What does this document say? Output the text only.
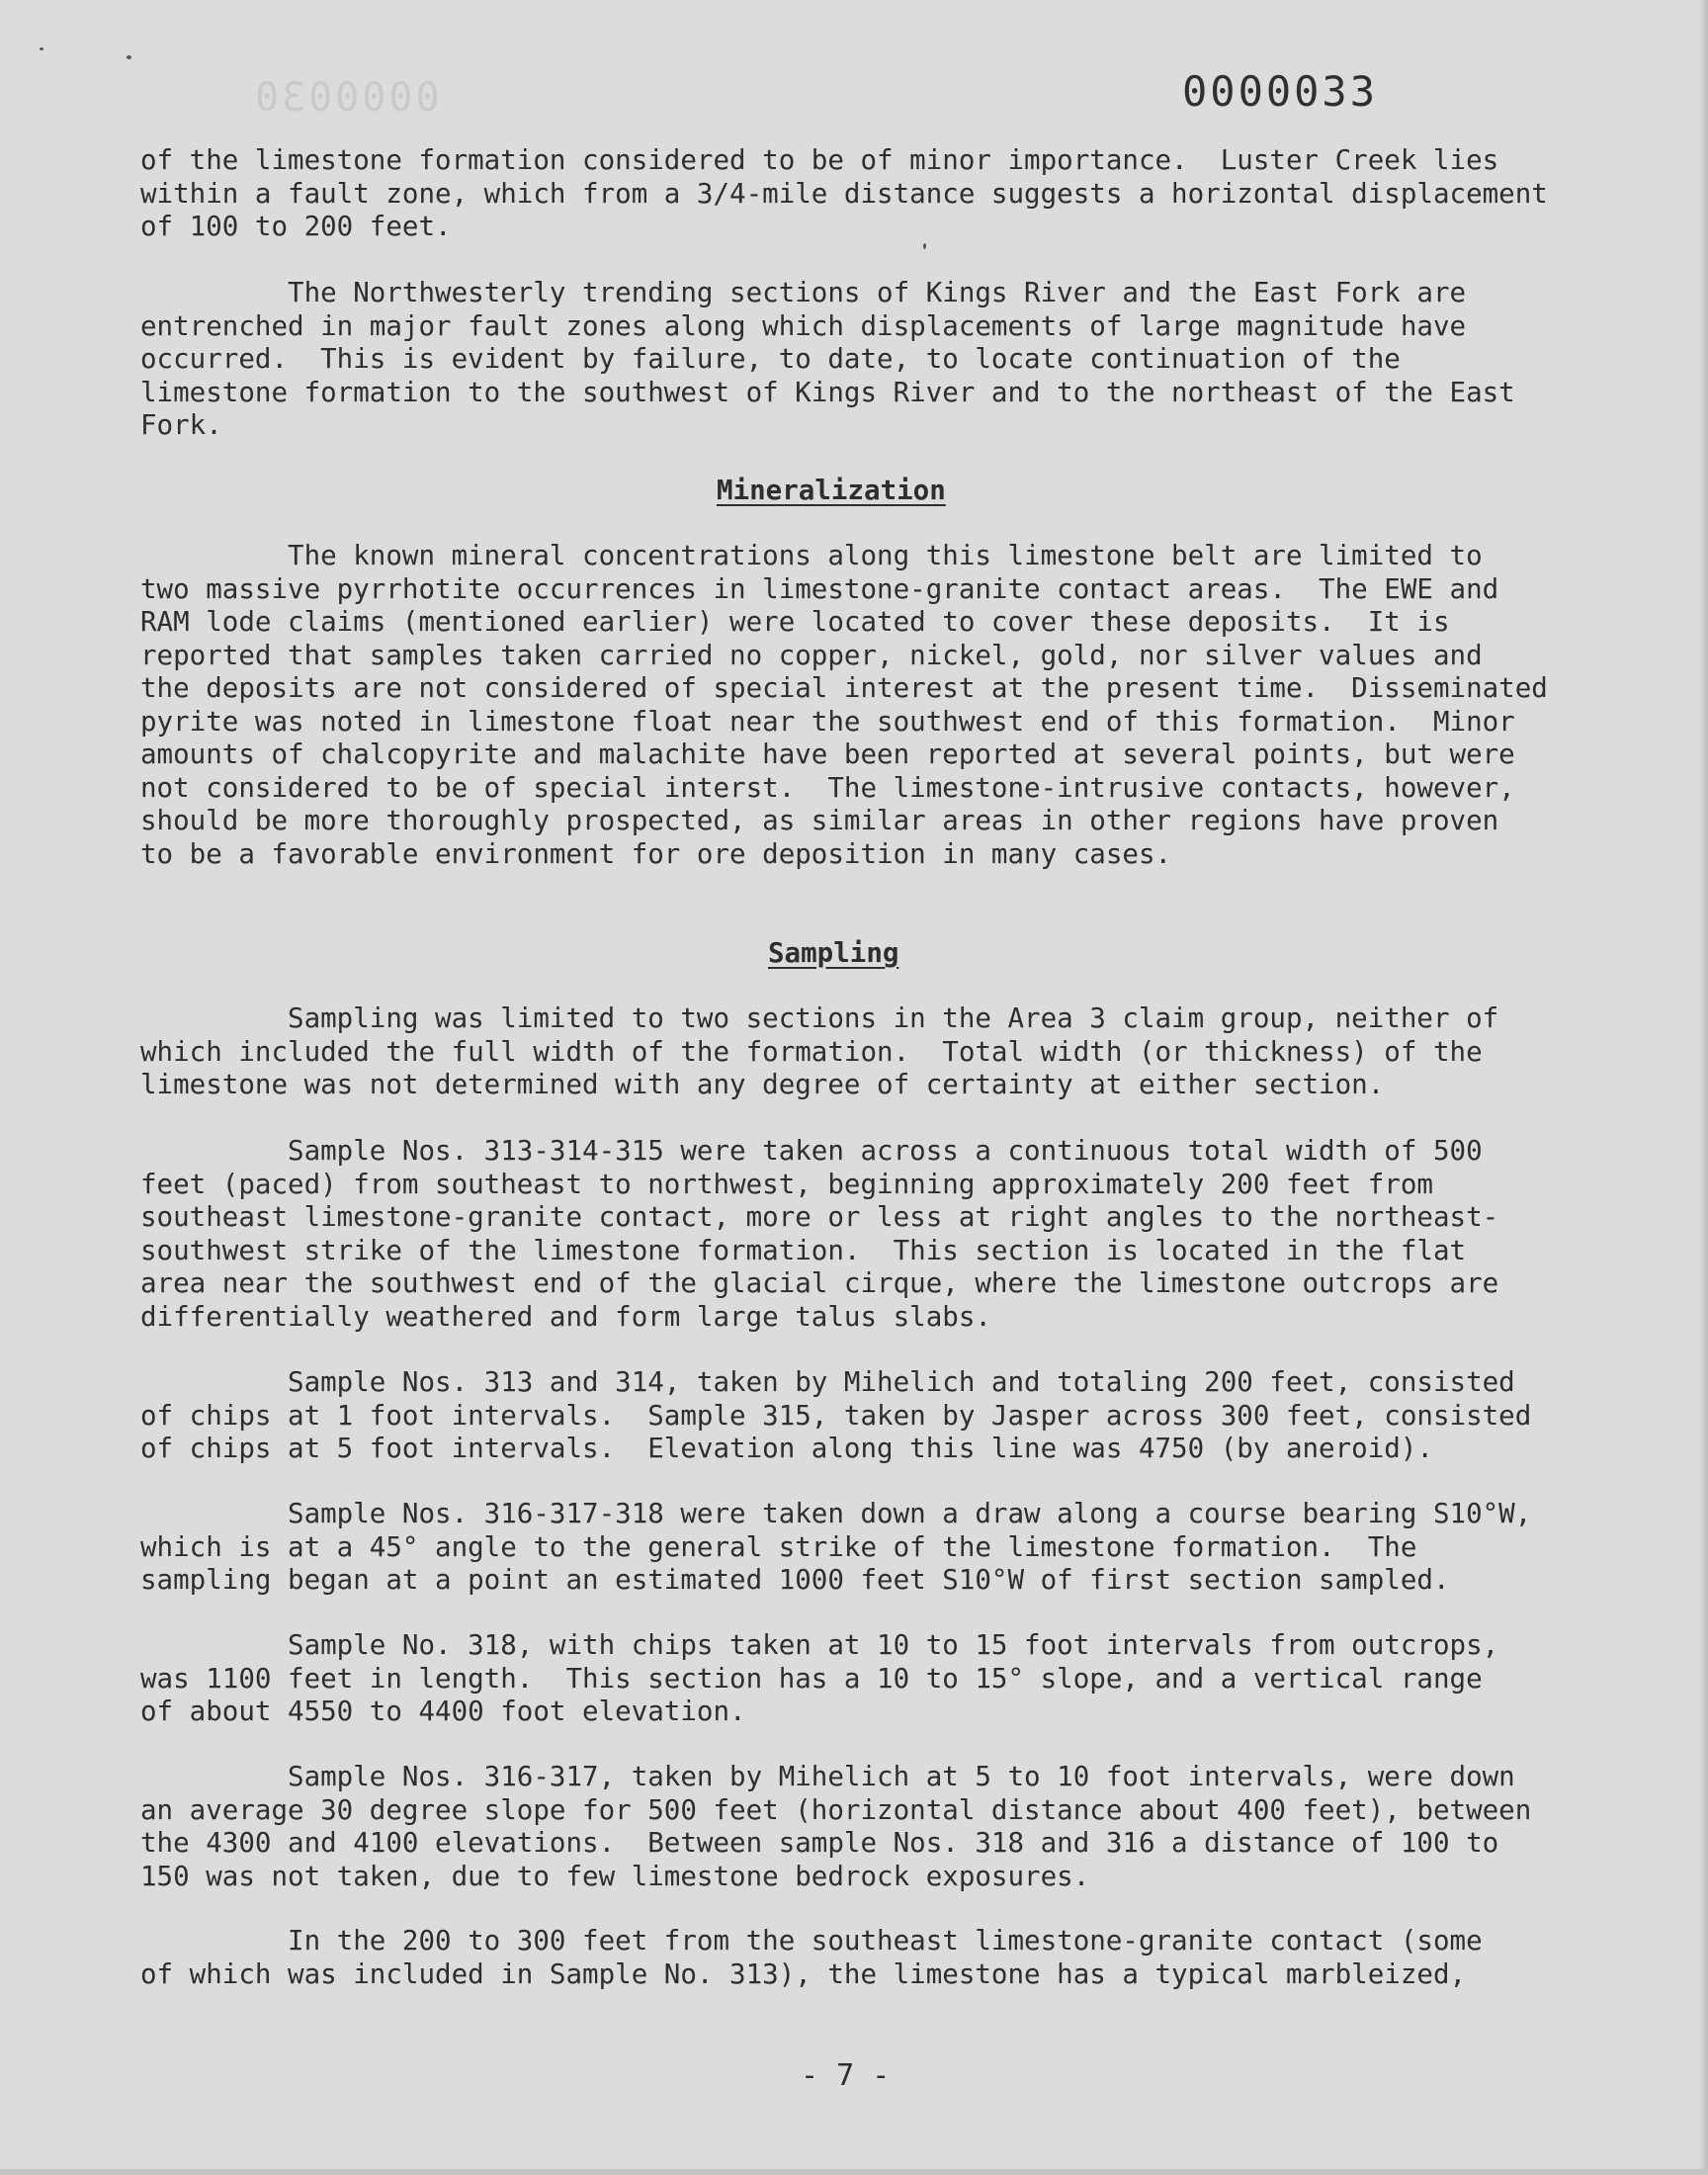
0000030	0000033

of the limestone formation considered to be of minor importance.  Luster Creek lies
within a fault zone, which from a 3/4-mile distance suggests a horizontal displacement
of 100 to 200 feet.

The Northwesterly trending sections of Kings River and the East Fork are
entrenched in major fault zones along which displacements of large magnitude have
occurred.  This is evident by failure, to date, to locate continuation of the
limestone formation to the southwest of Kings River and to the northeast of the East
Fork.

Mineralization

The known mineral concentrations along this limestone belt are limited to
two massive pyrrhotite occurrences in limestone-granite contact areas.  The EWE and
RAM lode claims (mentioned earlier) were located to cover these deposits.  It is
reported that samples taken carried no copper, nickel, gold, nor silver values and
the deposits are not considered of special interest at the present time.  Disseminated
pyrite was noted in limestone float near the southwest end of this formation.  Minor
amounts of chalcopyrite and malachite have been reported at several points, but were
not considered to be of special interst.  The limestone-intrusive contacts, however,
should be more thoroughly prospected, as similar areas in other regions have proven
to be a favorable environment for ore deposition in many cases.

Sampling

Sampling was limited to two sections in the Area 3 claim group, neither of
which included the full width of the formation.  Total width (or thickness) of the
limestone was not determined with any degree of certainty at either section.

Sample Nos. 313-314-315 were taken across a continuous total width of 500
feet (paced) from southeast to northwest, beginning approximately 200 feet from
southeast limestone-granite contact, more or less at right angles to the northeast-
southwest strike of the limestone formation.  This section is located in the flat
area near the southwest end of the glacial cirque, where the limestone outcrops are
differentially weathered and form large talus slabs.

Sample Nos. 313 and 314, taken by Mihelich and totaling 200 feet, consisted
of chips at 1 foot intervals.  Sample 315, taken by Jasper across 300 feet, consisted
of chips at 5 foot intervals.  Elevation along this line was 4750 (by aneroid).

Sample Nos. 316-317-318 were taken down a draw along a course bearing S10°W,
which is at a 45° angle to the general strike of the limestone formation.  The
sampling began at a point an estimated 1000 feet S10°W of first section sampled.

Sample No. 318, with chips taken at 10 to 15 foot intervals from outcrops,
was 1100 feet in length.  This section has a 10 to 15° slope, and a vertical range
of about 4550 to 4400 foot elevation.

Sample Nos. 316-317, taken by Mihelich at 5 to 10 foot intervals, were down
an average 30 degree slope for 500 feet (horizontal distance about 400 feet), between
the 4300 and 4100 elevations.  Between sample Nos. 318 and 316 a distance of 100 to
150 was not taken, due to few limestone bedrock exposures.

In the 200 to 300 feet from the southeast limestone-granite contact (some
of which was included in Sample No. 313), the limestone has a typical marbleized,

- 7 -
